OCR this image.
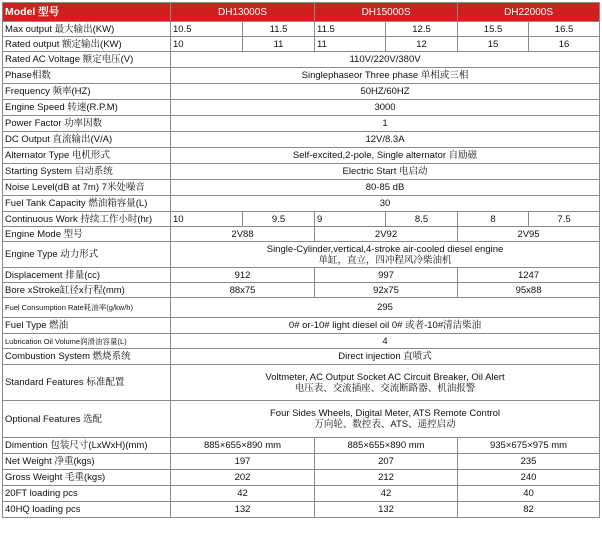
Model 型号	DH13000S		DH15000S		DH22000S	
Max output 最大输出(KW)	10.5	11.5	11.5	12.5	15.5	16.5
Rated output 额定输出(KW)	10	11	11	12	15	16
Rated AC Voltage 额定电压(V)	110V/220V/380V					
Phase相数	Singlephaseor Three phase 单相或三相					
Frequency 频率(HZ)	50HZ/60HZ					
Engine Speed 转速(R.P.M)	3000					
Power Factor 功率因数	1					
DC Output 直流输出(V/A)	12V/8.3A					
Alternator Type 电机形式	Self-excited,2-pole, Single alternator 自励磁					
Starting System 启动系统	Electric Start 电启动					
Noise Level(dB at 7m) 7米处噪音	80-85 dB					
Fuel Tank Capacity 燃油箱容量(L)	30					
Continuous Work 持续工作小时(hr)	10	9.5	9	8.5	8	7.5
Engine Mode 型号	2V88		2V92		2V95	
Engine Type 动力形式	Single-Cylinder,vertical,4-stroke air-cooled diesel engine
单缸，直立，四冲程风冷柴油机					

Displacement 排量(cc)	912		997		1247	
Bore xStroke缸径x行程(mm)	88x75		92x75		95x88	
Fuel Consumption Rate耗油率(g/kw/h)	295					
Fuel Type 燃油	0# or-10# light diesel oil 0# 或者-10#清洁柴油					
Lubrication Oil Volume润滑油容量(L)	4					
Combustion System 燃烧系统	Direct injection 直喷式					
Standard Features 标准配置	Voltmeter, AC Output Socket AC Circuit Breaker, Oil Alert
电压表、交流插座、交流断路器、机油报警					

Optional Features 选配	Four Sides Wheels, Digital Meter, ATS Remote Control
万向轮、数控表、ATS、遥控启动					

Dimention 包装尺寸(LxWxH)(mm)	885×655×890 mm		885×655×890 mm		935×675×975 mm	
Net Weight 净重(kgs)	197		207		235	
Gross Weight 毛重(kgs)	202		212		240	
20FT loading pcs	42		42		40	
40HQ loading pcs	132		132		82	
